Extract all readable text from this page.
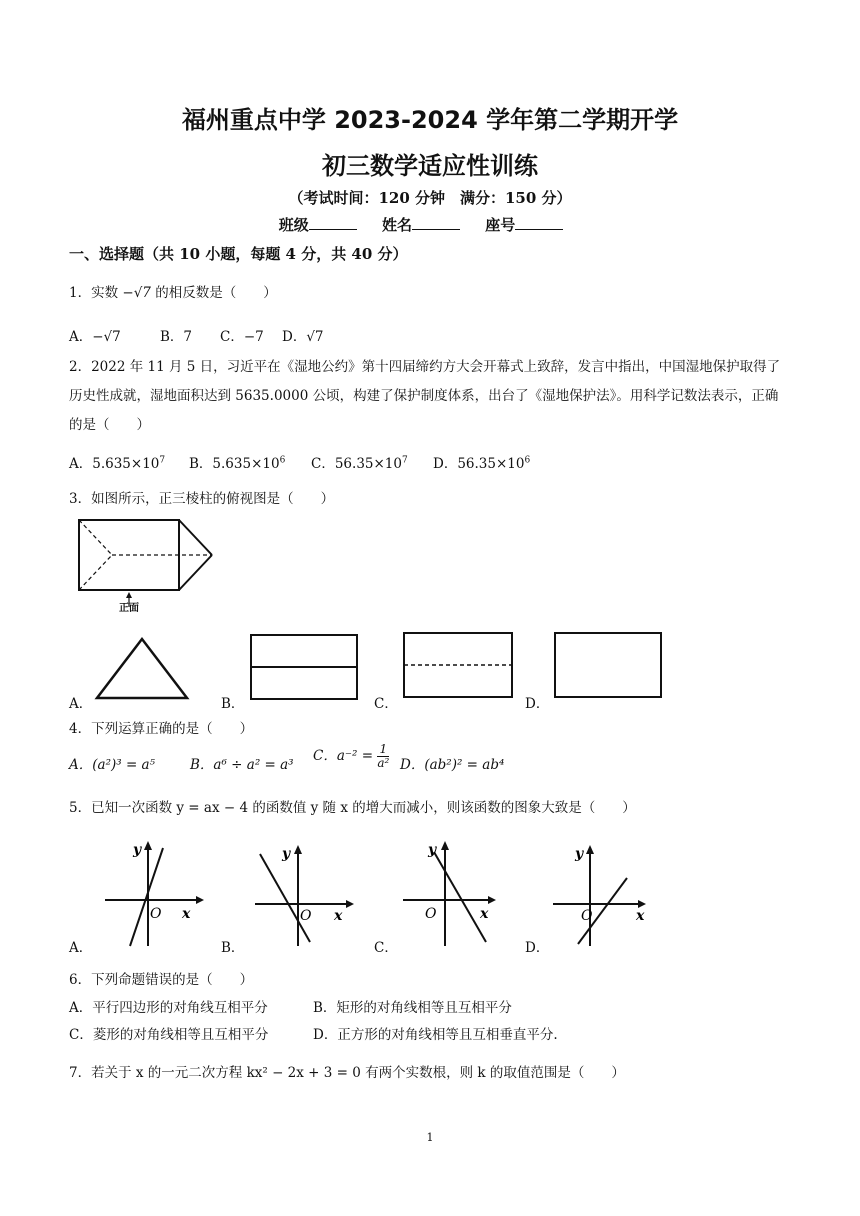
福州重点中学 2023-2024 学年第二学期开学
初三数学适应性训练
（考试时间：120 分钟　满分：150 分）
班级	姓名	座号
一、选择题（共 10 小题，每题 4 分，共 40 分）
1．实数 −√7 的相反数是（　　）
A．−√7	B．7 C．−7 D．√7
2．2022 年 11 月 5 日，习近平在《湿地公约》第十四届缔约方大会开幕式上致辞，发言中指出，中国湿地保护取得了历史性成就，湿地面积达到 5635.0000 公顷，构建了保护制度体系，出台了《湿地保护法》。用科学记数法表示，正确的是（　　）
A．$5.635\times 10^7$ B．$5.635\times 10^6$ C．$56.35\times 10^7$ D．$56.35\times 10^6$
3．如图所示，正三棱柱的俯视图是（　　）
正面
A．	B．	C．	D．
4．下列运算正确的是（　　）
A．(a²)³ = a⁵	B．a⁶ ÷ a² = a³
C．$a^{-2} = \frac{1}{\text{a²}}$ D．(ab²)² = ab⁴
5．已知一次函数 y = ax − 4 的函数值 y 随 x 的增大而减小，则该函数的图象大致是（　　）
A．
y
x
O
B．
y
x
O
C．
y
x
O
D．
y
x
O
6．下列命题错误的是（　　）
A．平行四边形的对角线互相平分	B．矩形的对角线相等且互相平分
C．菱形的对角线相等且互相平分	D．正方形的对角线相等且互相垂直平分.
7．若关于 x 的一元二次方程 kx² − 2x + 3 = 0 有两个实数根，则 k 的取值范围是（　　）
1
